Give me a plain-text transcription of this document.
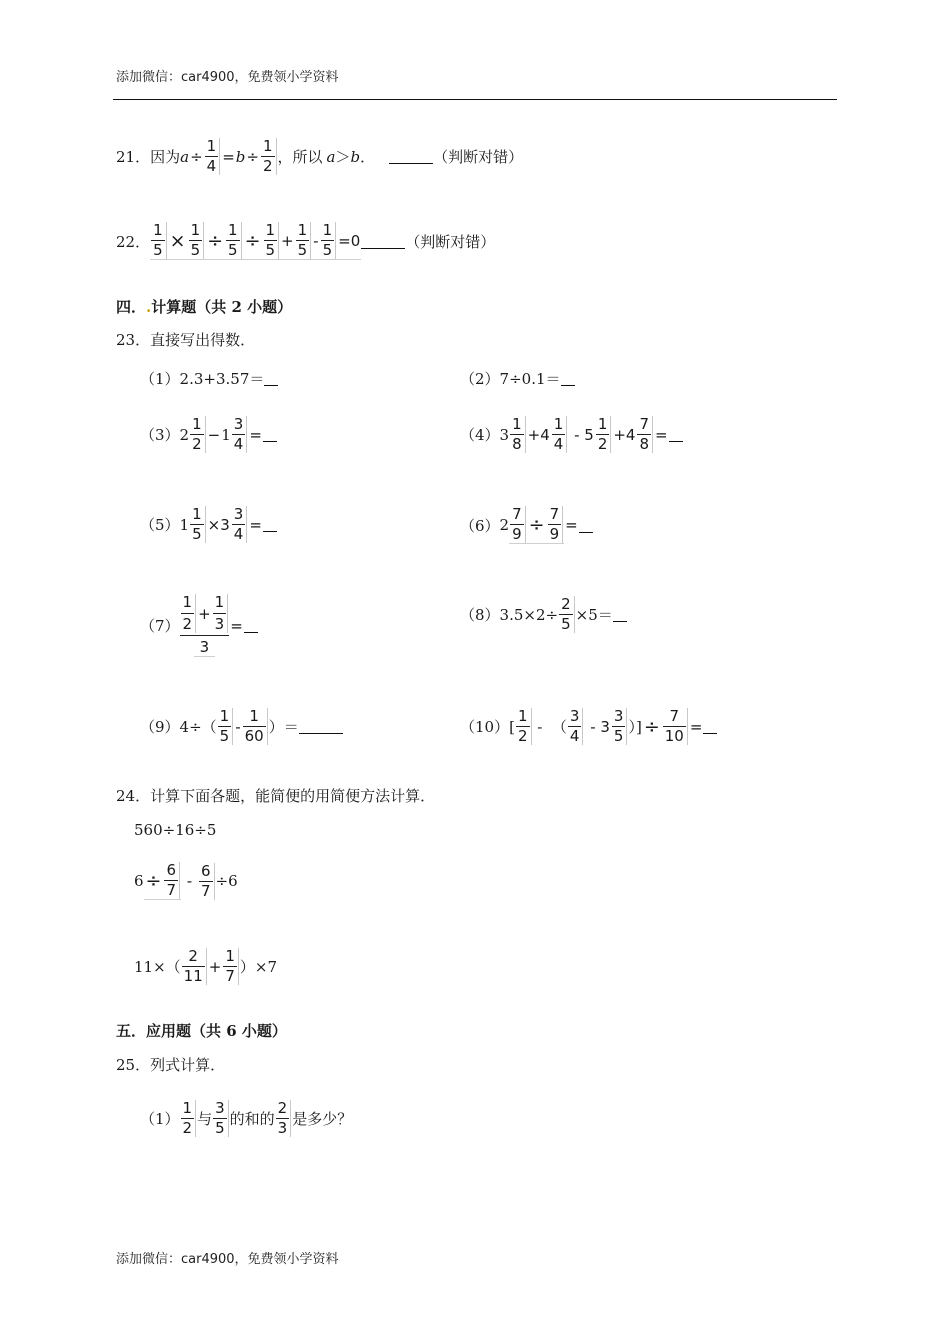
添加微信：car4900，免费领小学资料
21． 因为 a ÷
1
4
= b ÷
1
2 ，所以 a ＞ b ．	（判断对错）
22．
1
5 × 1
5 ÷ 1
5 ÷ 1
5
+
1
5
-
1
5
=0	（判断对错）
四．.计算题（共 2 小题）
23．直接写出得数．
（1）2.3+3.57＝	（2）7÷0.1＝
（3） 2
1
2
− 1
3
4
=	（4） 3
1
8
+4
1
4
- 5
1
2
+4
7
8
=
（5） 1
1
5
×3
3
4
=	（6） 2
7
9 ÷ 7
9 =
（7）
1
2
+
1
3
3
=
（8） 3.5×2÷
2
5 ×5＝
（9） 4÷（
1
5
-
1
60 ）＝	（10） [
1
2 -  （
3
4
- 3
3
5 ）] ÷ 7
10
=
24．计算下面各题，能简便的用简便方法计算．
560÷16÷5
6 ÷ 6
7 -
6
7
÷6
11×（
2
11
+
1
7 ）×7
五．应用题（共 6 小题）
25．列式计算．
（1）
1
2 与
3
5 的和的
2
3 是多少？
添加微信：car4900，免费领小学资料
